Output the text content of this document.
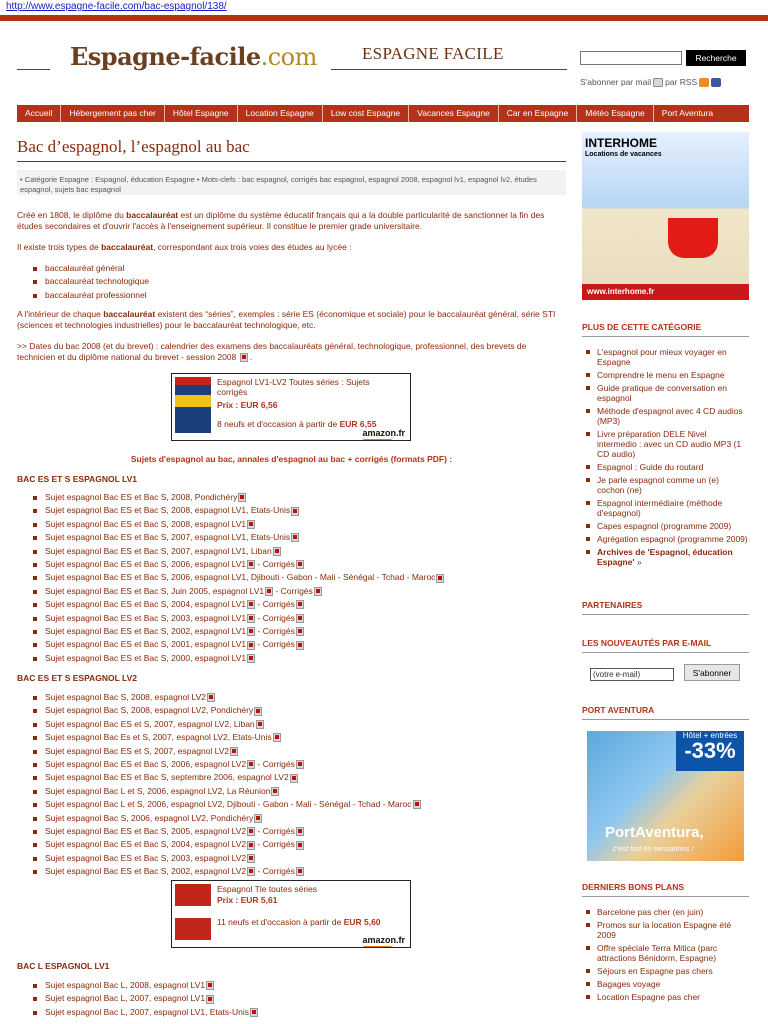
http://www.espagne-facile.com/bac-espagnol/138/
Espagne-facile.com	ESPAGNE FACILE	Recherche
S'abonner par mail par RSS
Accueil	Hébergement pas cher	Hôtel Espagne	Location Espagne	Low cost Espagne	Vacances Espagne	Car en Espagne	Météo Espagne	Port Aventura
Bac d’espagnol, l’espagnol au bac
• Catégorie Espagne : Espagnol, éducation Espagne • Mots-clefs : bac espagnol, corrigés bac espagnol, espagnol 2008, espagnol lv1, espagnol lv2, études espagnol, sujets bac espagnol
Créé en 1808, le diplôme du baccalauréat est un diplôme du système éducatif français qui a la double particularité de sanctionner la fin des études secondaires et d'ouvrir l'accès à l'enseignement supérieur. Il constitue le premier grade universitaire.
Il existe trois types de baccalauréat, correspondant aux trois voies des études au lycée :
baccalauréat général
baccalauréat technologique
baccalauréat professionnel
A l'intérieur de chaque baccalauréat existent des “séries”, exemples : série ES (économique et sociale) pour le baccalauréat général, série STI (sciences et technologies industrielles) pour le baccalauréat technologique, etc.
>> Dates du bac 2008 (et du brevet) : calendrier des examens des baccalauréats général, technologique, professionnel, des brevets de technicien et du diplôme national du brevet - session 2008 .
Espagnol LV1-LV2 Toutes séries : Sujets corrigés
Prix : EUR 6,56
8 neufs et d'occasion à partir de EUR 6,55
amazon.fr
Sujets d'espagnol au bac, annales d'espagnol au bac + corrigés (formats PDF) :
BAC ES ET S ESPAGNOL LV1
Sujet espagnol Bac ES et Bac S, 2008, Pondichéry
Sujet espagnol Bac ES et Bac S, 2008, espagnol LV1, Etats-Unis
Sujet espagnol Bac ES et Bac S, 2008, espagnol LV1
Sujet espagnol Bac ES et Bac S, 2007, espagnol LV1, Etats-Unis
Sujet espagnol Bac ES et Bac S, 2007, espagnol LV1, Liban
Sujet espagnol Bac ES et Bac S, 2006, espagnol LV1 - Corrigés
Sujet espagnol Bac ES et Bac S, 2006, espagnol LV1, Djibouti - Gabon - Mali - Sénégal - Tchad - Maroc
Sujet espagnol Bac ES et Bac S, Juin 2005, espagnol LV1 - Corrigés
Sujet espagnol Bac ES et Bac S, 2004, espagnol LV1 - Corrigés
Sujet espagnol Bac ES et Bac S, 2003, espagnol LV1 - Corrigés
Sujet espagnol Bac ES et Bac S, 2002, espagnol LV1 - Corrigés
Sujet espagnol Bac ES et Bac S, 2001, espagnol LV1 - Corrigés
Sujet espagnol Bac ES et Bac S, 2000, espagnol LV1
BAC ES ET S ESPAGNOL LV2
Sujet espagnol Bac S, 2008, espagnol LV2
Sujet espagnol Bac S, 2008, espagnol LV2, Pondichéry
Sujet espagnol Bac ES et S, 2007, espagnol LV2, Liban
Sujet espagnol Bac Es et S, 2007, espagnol LV2, Etats-Unis
Sujet espagnol Bac ES et S, 2007, espagnol LV2
Sujet espagnol Bac ES et Bac S, 2006, espagnol LV2 - Corrigés
Sujet espagnol Bac ES et Bac S, septembre 2006, espagnol LV2
Sujet espagnol Bac L et S, 2006, espagnol LV2, La Réunion
Sujet espagnol Bac L et S, 2006, espagnol LV2, Djibouti - Gabon - Mali - Sénégal - Tchad - Maroc
Sujet espagnol Bac S, 2006, espagnol LV2, Pondichéry
Sujet espagnol Bac ES et Bac S, 2005, espagnol LV2 - Corrigés
Sujet espagnol Bac ES et Bac S, 2004, espagnol LV2 - Corrigés
Sujet espagnol Bac ES et Bac S, 2003, espagnol LV2
Sujet espagnol Bac ES et Bac S, 2002, espagnol LV2 - Corrigés
Espagnol Tle toutes séries
Prix : EUR 5,61
11 neufs et d'occasion à partir de EUR 5,60
amazon.fr
BAC L ESPAGNOL LV1
Sujet espagnol Bac L, 2008, espagnol LV1
Sujet espagnol Bac L, 2007, espagnol LV1
Sujet espagnol Bac L, 2007, espagnol LV1, Etats-Unis
INTERHOME
Locations de vacances
www.interhome.fr
PLUS DE CETTE CATÉGORIE
L'espagnol pour mieux voyager en Espagne
Comprendre le menu en Espagne
Guide pratique de conversation en espagnol
Méthode d'espagnol avec 4 CD audios (MP3)
Livre préparation DELE Nivel intermedio : avec un CD audio MP3 (1 CD audio)
Espagnol : Guide du routard
Je parle espagnol comme un (e) cochon (ne)
Espagnol intermédiaire (méthode d'espagnol)
Capes espagnol (programme 2009)
Agrégation espagnol (programme 2009)
Archives de 'Espagnol, éducation Espagne' »
PARTENAIRES
LES NOUVEAUTÉS PAR E-MAIL
(votre e-mail)	S'abonner
PORT AVENTURA
Hôtel + entrées
-33%
PortAventura,
c'est fort en sensations !
DERNIERS BONS PLANS
Barcelone pas cher (en juin)
Promos sur la location Espagne été 2009
Offre spéciale Terra Mitica (parc attractions Bénidorm, Espagne)
Séjours en Espagne pas chers
Bagages voyage
Location Espagne pas cher
